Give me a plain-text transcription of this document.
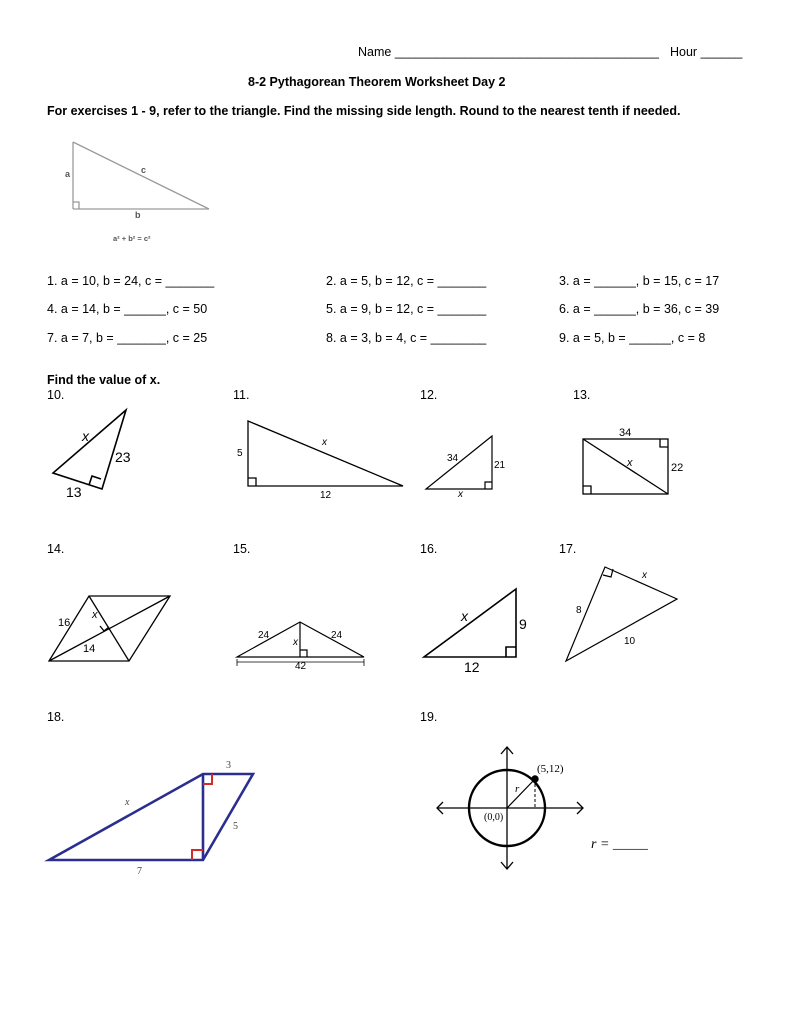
Name ______________________________________ Hour ______
8-2 Pythagorean Theorem Worksheet Day 2
For exercises 1 - 9, refer to the triangle. Find the missing side length. Round to the nearest tenth if needed.
a	c
b
a² + b² = c²
1. a = 10, b = 24, c = _______	2. a = 5, b = 12, c = _______	3. a = ______, b = 15, c = 17
4. a = 14, b = ______, c = 50	5. a = 9, b = 12, c = _______	6. a = ______, b = 36, c = 39
7. a = 7, b = _______, c = 25	8. a = 3, b = 4, c = ________	9. a = 5, b = ______, c = 8
Find the value of x.
10.	11.	12.	13.
14.	15.	16.	17.
18.	19.
x
23
13
5
x
12
34
21
x
34
x	22
16
x
14
24
x
24
42
x	9
12
x
8
10
3
x
5
7
(5,12)
r
(0,0)
r = _____
